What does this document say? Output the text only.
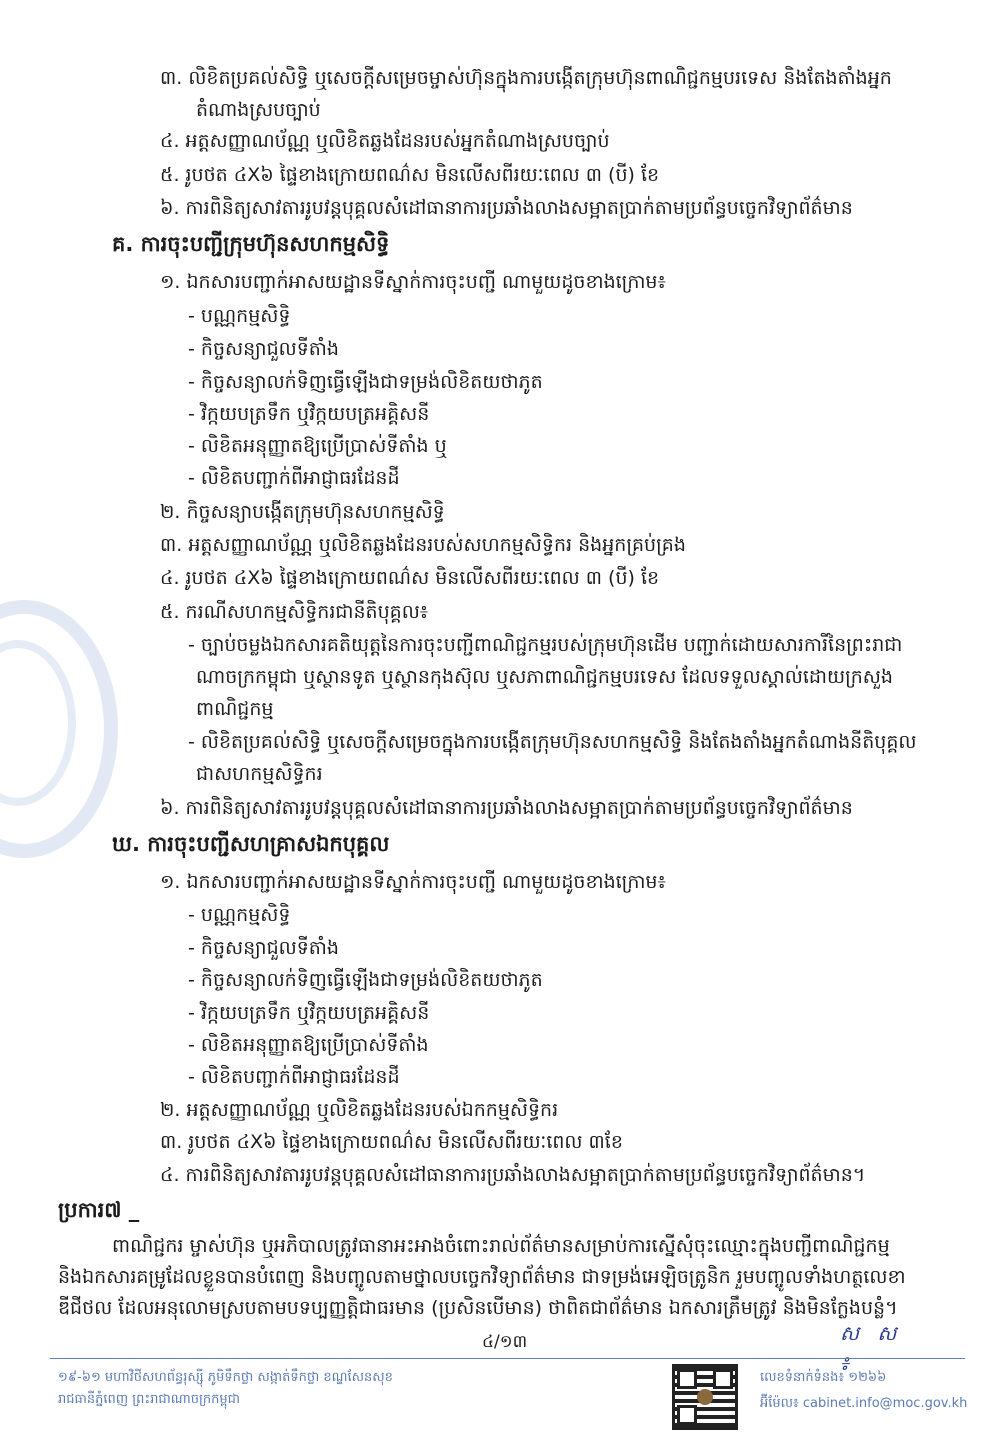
៣. លិខិតប្រគល់សិទ្ធិ ឬសេចក្តីសម្រេចម្ចាស់ហ៊ុនក្នុងការបង្កើតក្រុមហ៊ុនពាណិជ្ជកម្មបរទេស និងតែងតាំងអ្នក
តំណាងស្របច្បាប់
៤. អត្តសញ្ញាណប័ណ្ណ ឬលិខិតឆ្លងដែនរបស់អ្នកតំណាងស្របច្បាប់
៥. រូបថត ៤X៦ ផ្ទៃខាងក្រោយពណ៌ស មិនលើសពីរយៈពេល ៣ (បី) ខែ
៦. ការពិនិត្យសាវតាររូបវន្តបុគ្គលសំដៅធានាការប្រឆាំងលាងសម្អាតប្រាក់តាមប្រព័ន្ធបច្ចេកវិទ្យាព័ត៌មាន
គ. ការចុះបញ្ជីក្រុមហ៊ុនសហកម្មសិទ្ធិ
១. ឯកសារបញ្ជាក់អាសយដ្ឋានទីស្នាក់ការចុះបញ្ជី ណាមួយដូចខាងក្រោម៖
- បណ្ណកម្មសិទ្ធិ
- កិច្ចសន្យាជួលទីតាំង
- កិច្ចសន្យាលក់ទិញធ្វើឡើងជាទម្រង់លិខិតយថាភូត
- វិក្កយបត្រទឹក ឬវិក្កយបត្រអគ្គិសនី
- លិខិតអនុញ្ញាតឱ្យប្រើប្រាស់ទីតាំង ឬ
- លិខិតបញ្ជាក់ពីអាជ្ញាធរដែនដី
២. កិច្ចសន្យាបង្កើតក្រុមហ៊ុនសហកម្មសិទ្ធិ
៣. អត្តសញ្ញាណប័ណ្ណ ឬលិខិតឆ្លងដែនរបស់សហកម្មសិទ្ធិករ និងអ្នកគ្រប់គ្រង
៤. រូបថត ៤X៦ ផ្ទៃខាងក្រោយពណ៌ស មិនលើសពីរយៈពេល ៣ (បី) ខែ
៥. ករណីសហកម្មសិទ្ធិករជានីតិបុគ្គល៖
- ច្បាប់ចម្លងឯកសារគតិយុត្តនៃការចុះបញ្ជីពាណិជ្ជកម្មរបស់ក្រុមហ៊ុនដើម បញ្ជាក់ដោយសារការីនៃព្រះរាជា
ណាចក្រកម្ពុជា ឬស្ថានទូត ឬស្ថានកុងស៊ុល ឬសភាពាណិជ្ជកម្មបរទេស ដែលទទួលស្គាល់ដោយក្រសួង
ពាណិជ្ជកម្ម
- លិខិតប្រគល់សិទ្ធិ ឬសេចក្តីសម្រេចក្នុងការបង្កើតក្រុមហ៊ុនសហកម្មសិទ្ធិ និងតែងតាំងអ្នកតំណាងនីតិបុគ្គល
ជាសហកម្មសិទ្ធិករ
៦. ការពិនិត្យសាវតាររូបវន្តបុគ្គលសំដៅធានាការប្រឆាំងលាងសម្អាតប្រាក់តាមប្រព័ន្ធបច្ចេកវិទ្យាព័ត៌មាន
ឃ. ការចុះបញ្ជីសហគ្រាសឯកបុគ្គល
១. ឯកសារបញ្ជាក់អាសយដ្ឋានទីស្នាក់ការចុះបញ្ជី ណាមួយដូចខាងក្រោម៖
- បណ្ណកម្មសិទ្ធិ
- កិច្ចសន្យាជួលទីតាំង
- កិច្ចសន្យាលក់ទិញធ្វើឡើងជាទម្រង់លិខិតយថាភូត
- វិក្កយបត្រទឹក ឬវិក្កយបត្រអគ្គិសនី
- លិខិតអនុញ្ញាតឱ្យប្រើប្រាស់ទីតាំង
- លិខិតបញ្ជាក់ពីអាជ្ញាធរដែនដី
២. អត្តសញ្ញាណប័ណ្ណ ឬលិខិតឆ្លងដែនរបស់ឯកកម្មសិទ្ធិករ
៣. រូបថត ៤X៦ ផ្ទៃខាងក្រោយពណ៌ស មិនលើសពីរយៈពេល ៣ខែ
៤. ការពិនិត្យសាវតាររូបវន្តបុគ្គលសំដៅធានាការប្រឆាំងលាងសម្អាតប្រាក់តាមប្រព័ន្ធបច្ចេកវិទ្យាព័ត៌មាន។
ប្រការ៧ _
ពាណិជ្ជករ ម្ចាស់ហ៊ុន ឬអភិបាលត្រូវធានាអះអាងចំពោះរាល់ព័ត៌មានសម្រាប់ការស្នើសុំចុះឈ្មោះក្នុងបញ្ជីពាណិជ្ជកម្ម
និងឯកសារគម្រូដែលខ្លួនបានបំពេញ និងបញ្ចូលតាមថ្នាលបច្ចេកវិទ្យាព័ត៌មាន ជាទម្រង់អេឡិចត្រូនិក រួមបញ្ចូលទាំងហត្ថលេខា
ឌីជីថល ដែលអនុលោមស្របតាមបទប្បញ្ញត្តិជាធរមាន (ប្រសិនបើមាន) ថាពិតជាព័ត៌មាន ឯកសារត្រឹមត្រូវ និងមិនក្លែងបន្លំ។
៤/១៣	ស ស ៖
១៩-៦១ មហាវិថីសហព័ន្ធរុស្ស៊ី ភូមិទឹកថ្លា សង្កាត់ទឹកថ្លា ខណ្ឌសែនសុខ
រាជធានីភ្នំពេញ ព្រះរាជាណាចក្រកម្ពុជា
លេខទំនាក់ទំនង៖ ១២៦៦
អ៊ីម៉ែល៖ cabinet.info@moc.gov.kh
